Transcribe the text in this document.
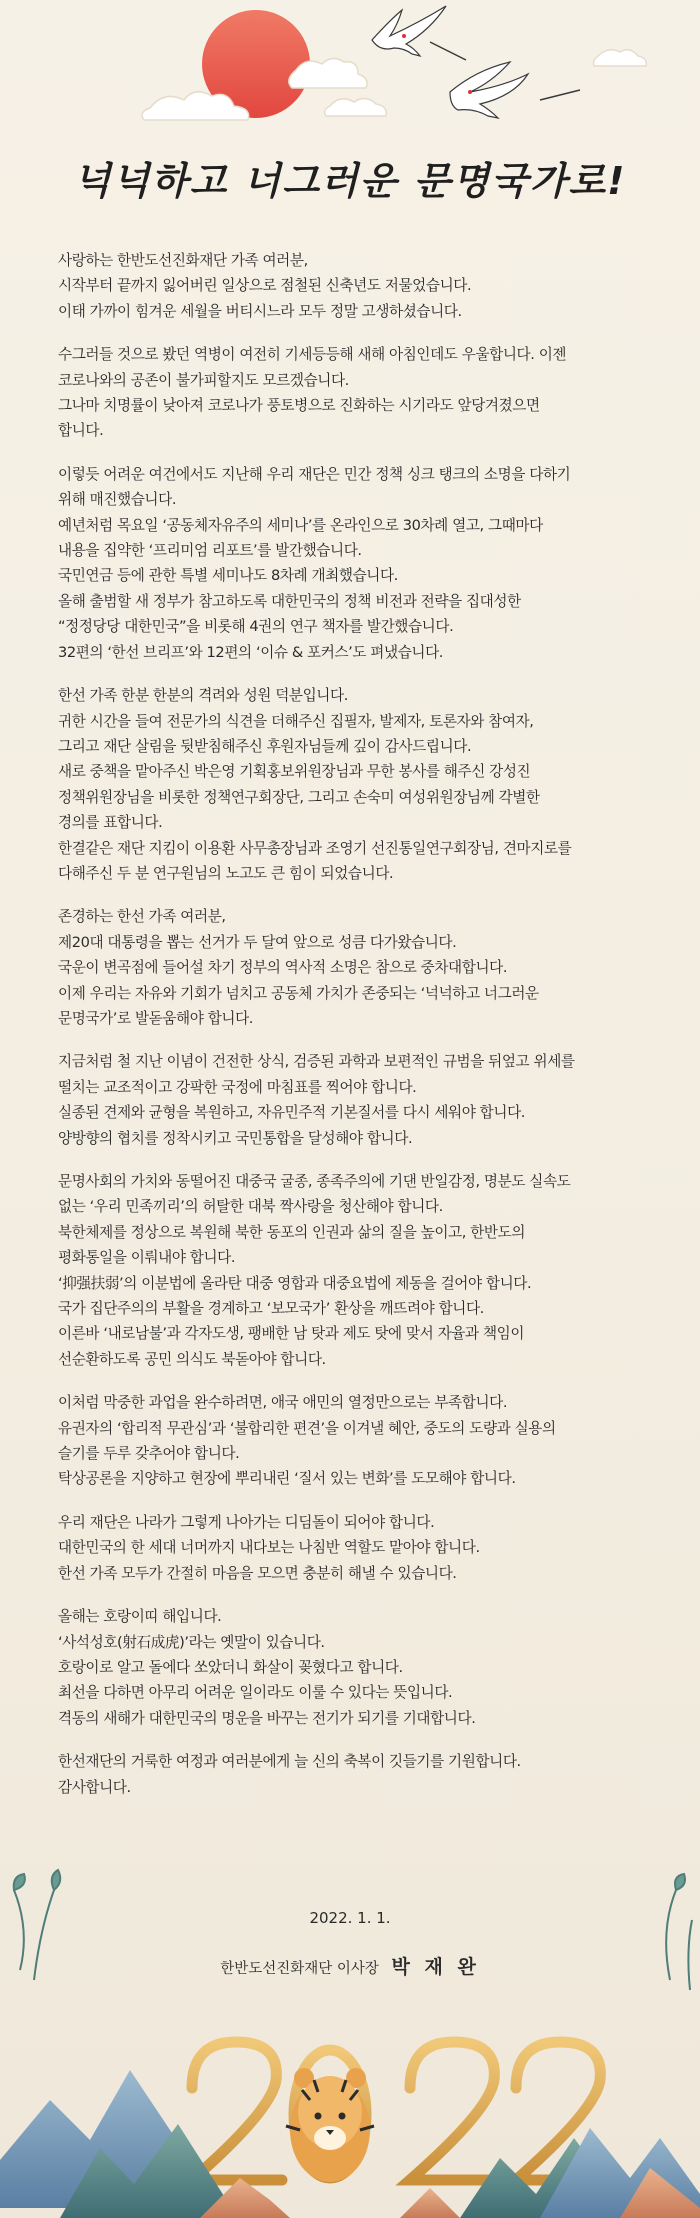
넉넉하고 너그러운 문명국가로!
사랑하는 한반도선진화재단 가족 여러분,
시작부터 끝까지 잃어버린 일상으로 점철된 신축년도 저물었습니다.
이태 가까이 힘겨운 세월을 버티시느라 모두 정말 고생하셨습니다.
수그러들 것으로 봤던 역병이 여전히 기세등등해 새해 아침인데도 우울합니다. 이젠
코로나와의 공존이 불가피할지도 모르겠습니다.
그나마 치명률이 낮아져 코로나가 풍토병으로 진화하는 시기라도 앞당겨졌으면
합니다.
이렇듯 어려운 여건에서도 지난해 우리 재단은 민간 정책 싱크 탱크의 소명을 다하기
위해 매진했습니다.
예년처럼 목요일 ‘공동체자유주의 세미나’를 온라인으로 30차례 열고, 그때마다
내용을 집약한 ‘프리미엄 리포트’를 발간했습니다.
국민연금 등에 관한 특별 세미나도 8차례 개최했습니다.
올해 출범할 새 정부가 참고하도록 대한민국의 정책 비전과 전략을 집대성한
“정정당당 대한민국”을 비롯해 4권의 연구 책자를 발간했습니다.
32편의 ‘한선 브리프’와 12편의 ‘이슈 & 포커스’도 펴냈습니다.
한선 가족 한분 한분의 격려와 성원 덕분입니다.
귀한 시간을 들여 전문가의 식견을 더해주신 집필자, 발제자, 토론자와 참여자,
그리고 재단 살림을 뒷받침해주신 후원자님들께 깊이 감사드립니다.
새로 중책을 맡아주신 박은영 기획홍보위원장님과 무한 봉사를 해주신 강성진
정책위원장님을 비롯한 정책연구회장단, 그리고 손숙미 여성위원장님께 각별한
경의를 표합니다.
한결같은 재단 지킴이 이용환 사무총장님과 조영기 선진통일연구회장님, 견마지로를
다해주신 두 분 연구원님의 노고도 큰 힘이 되었습니다.
존경하는 한선 가족 여러분,
제20대 대통령을 뽑는 선거가 두 달여 앞으로 성큼 다가왔습니다.
국운이 변곡점에 들어설 차기 정부의 역사적 소명은 참으로 중차대합니다.
이제 우리는 자유와 기회가 넘치고 공동체 가치가 존중되는 ‘넉넉하고 너그러운
문명국가’로 발돋움해야 합니다.
지금처럼 철 지난 이념이 건전한 상식, 검증된 과학과 보편적인 규범을 뒤엎고 위세를
떨치는 교조적이고 강팍한 국정에 마침표를 찍어야 합니다.
실종된 견제와 균형을 복원하고, 자유민주적 기본질서를 다시 세워야 합니다.
양방향의 협치를 정착시키고 국민통합을 달성해야 합니다.
문명사회의 가치와 동떨어진 대중국 굴종, 종족주의에 기댄 반일감정, 명분도 실속도
없는 ‘우리 민족끼리’의 허탈한 대북 짝사랑을 청산해야 합니다.
북한체제를 정상으로 복원해 북한 동포의 인권과 삶의 질을 높이고, 한반도의
평화통일을 이뤄내야 합니다.
‘抑强扶弱’의 이분법에 올라탄 대중 영합과 대중요법에 제동을 걸어야 합니다.
국가 집단주의의 부활을 경계하고 ‘보모국가’ 환상을 깨뜨려야 합니다.
이른바 ‘내로남불’과 각자도생, 팽배한 남 탓과 제도 탓에 맞서 자율과 책임이
선순환하도록 공민 의식도 북돋아야 합니다.
이처럼 막중한 과업을 완수하려면, 애국 애민의 열정만으로는 부족합니다.
유권자의 ‘합리적 무관심’과 ‘불합리한 편견’을 이겨낼 혜안, 중도의 도량과 실용의
슬기를 두루 갖추어야 합니다.
탁상공론을 지양하고 현장에 뿌리내린 ‘질서 있는 변화’를 도모해야 합니다.
우리 재단은 나라가 그렇게 나아가는 디딤돌이 되어야 합니다.
대한민국의 한 세대 너머까지 내다보는 나침반 역할도 맡아야 합니다.
한선 가족 모두가 간절히 마음을 모으면 충분히 해낼 수 있습니다.
올해는 호랑이띠 해입니다.
‘사석성호(射石成虎)’라는 옛말이 있습니다.
호랑이로 알고 돌에다 쏘았더니 화살이 꽂혔다고 합니다.
최선을 다하면 아무리 어려운 일이라도 이룰 수 있다는 뜻입니다.
격동의 새해가 대한민국의 명운을 바꾸는 전기가 되기를 기대합니다.
한선재단의 거룩한 여정과 여러분에게 늘 신의 축복이 깃들기를 기원합니다.
감사합니다.
2022. 1. 1.
한반도선진화재단 이사장 박 재 완
